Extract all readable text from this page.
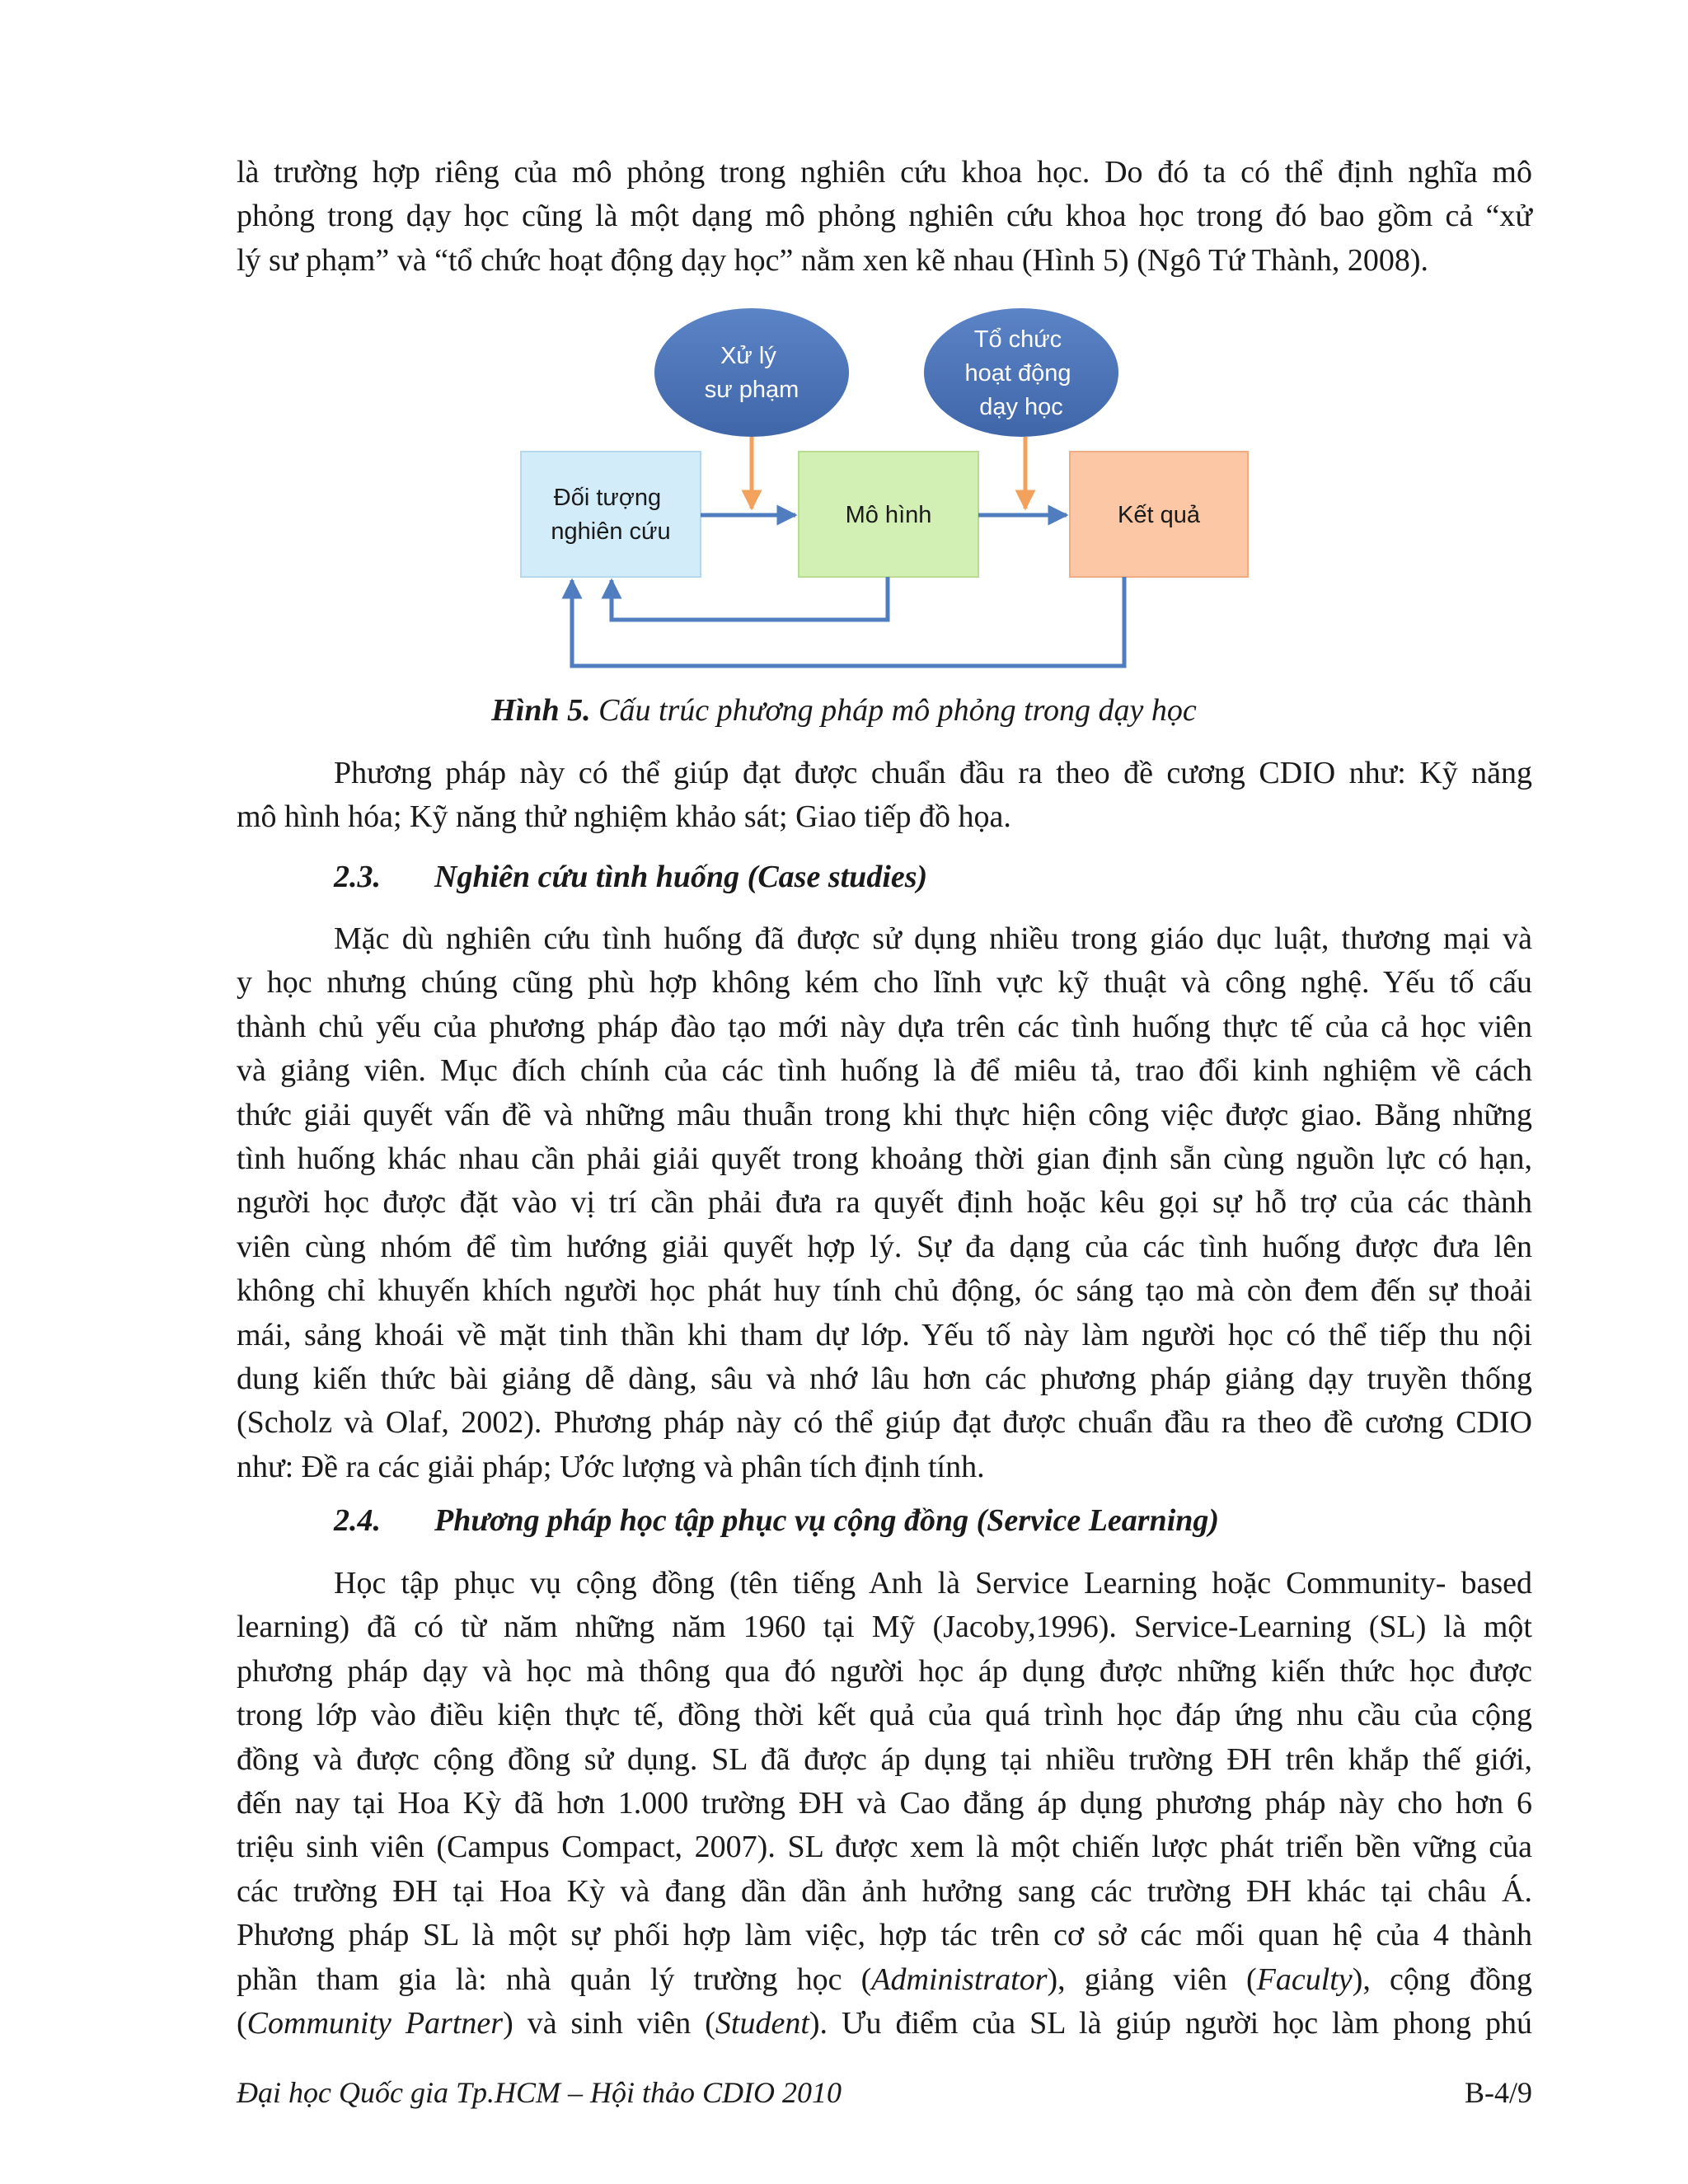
là trường hợp riêng của mô phỏng trong nghiên cứu khoa học. Do đó ta có thể định nghĩa mô
phỏng trong dạy học cũng là một dạng mô phỏng nghiên cứu khoa học trong đó bao gồm cả “xử
lý sư phạm” và “tổ chức hoạt động dạy học” nằm xen kẽ nhau (Hình 5) (Ngô Tứ Thành, 2008).

Xử lý sư phạm
Tổ chức hoạt động dạy học
Đối tượng nghiên cứu
Mô hình	Kết quả

Hình 5. Cấu trúc phương pháp mô phỏng trong dạy học

Phương pháp này có thể giúp đạt được chuẩn đầu ra theo đề cương CDIO như: Kỹ năng
mô hình hóa; Kỹ năng thử nghiệm khảo sát; Giao tiếp đồ họa.

2.3. Nghiên cứu tình huống (Case studies)

Mặc dù nghiên cứu tình huống đã được sử dụng nhiều trong giáo dục luật, thương mại và
y học nhưng chúng cũng phù hợp không kém cho lĩnh vực kỹ thuật và công nghệ. Yếu tố cấu
thành chủ yếu của phương pháp đào tạo mới này dựa trên các tình huống thực tế của cả học viên
và giảng viên. Mục đích chính của các tình huống là để miêu tả, trao đổi kinh nghiệm về cách
thức giải quyết vấn đề và những mâu thuẫn trong khi thực hiện công việc được giao. Bằng những
tình huống khác nhau cần phải giải quyết trong khoảng thời gian định sẵn cùng nguồn lực có hạn,
người học được đặt vào vị trí cần phải đưa ra quyết định hoặc kêu gọi sự hỗ trợ của các thành
viên cùng nhóm để tìm hướng giải quyết hợp lý. Sự đa dạng của các tình huống được đưa lên
không chỉ khuyến khích người học phát huy tính chủ động, óc sáng tạo mà còn đem đến sự thoải
mái, sảng khoái về mặt tinh thần khi tham dự lớp. Yếu tố này làm người học có thể tiếp thu nội
dung kiến thức bài giảng dễ dàng, sâu và nhớ lâu hơn các phương pháp giảng dạy truyền thống
(Scholz và Olaf, 2002). Phương pháp này có thể giúp đạt được chuẩn đầu ra theo đề cương CDIO
như: Đề ra các giải pháp; Ước lượng và phân tích định tính.

2.4. Phương pháp học tập phục vụ cộng đồng (Service Learning)

Học tập phục vụ cộng đồng (tên tiếng Anh là Service Learning hoặc Community- based
learning) đã có từ năm những năm 1960 tại Mỹ (Jacoby,1996). Service-Learning (SL) là một
phương pháp dạy và học mà thông qua đó người học áp dụng được những kiến thức học được
trong lớp vào điều kiện thực tế, đồng thời kết quả của quá trình học đáp ứng nhu cầu của cộng
đồng và được cộng đồng sử dụng. SL đã được áp dụng tại nhiều trường ĐH trên khắp thế giới,
đến nay tại Hoa Kỳ đã hơn 1.000 trường ĐH và Cao đẳng áp dụng phương pháp này cho hơn 6
triệu sinh viên (Campus Compact, 2007). SL được xem là một chiến lược phát triển bền vững của
các trường ĐH tại Hoa Kỳ và đang dần dần ảnh hưởng sang các trường ĐH khác tại châu Á.
Phương pháp SL là một sự phối hợp làm việc, hợp tác trên cơ sở các mối quan hệ của 4 thành
phần tham gia là: nhà quản lý trường học (Administrator), giảng viên (Faculty), cộng đồng
(Community Partner) và sinh viên (Student). Ưu điểm của SL là giúp người học làm phong phú

Đại học Quốc gia Tp.HCM – Hội thảo CDIO 2010	B-4/9
